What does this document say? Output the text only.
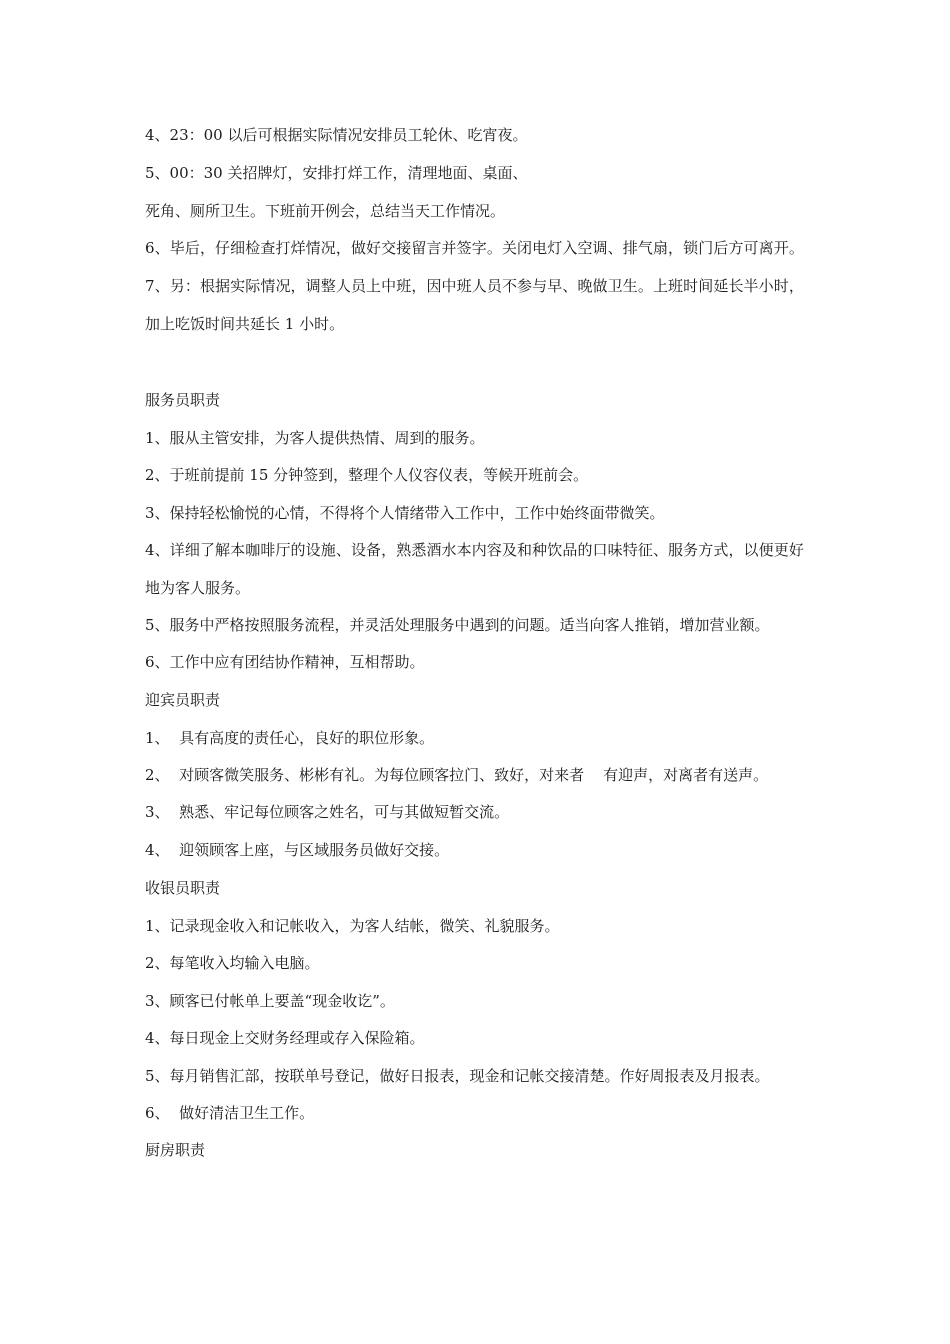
4、23：00 以后可根据实际情况安排员工轮休、吃宵夜。
5、00：30 关招牌灯，安排打烊工作，清理地面、桌面、
死角、厕所卫生。下班前开例会，总结当天工作情况。
6、毕后，仔细检查打烊情况，做好交接留言并签字。关闭电灯入空调、排气扇，锁门后方可离开。
7、另：根据实际情况，调整人员上中班，因中班人员不参与早、晚做卫生。上班时间延长半小时，
加上吃饭时间共延长 1 小时。
服务员职责
1、服从主管安排，为客人提供热情、周到的服务。
2、于班前提前 15 分钟签到，整理个人仪容仪表，等候开班前会。
3、保持轻松愉悦的心情，不得将个人情绪带入工作中，工作中始终面带微笑。
4、详细了解本咖啡厅的设施、设备，熟悉酒水本内容及和种饮品的口味特征、服务方式，以便更好
地为客人服务。
5、服务中严格按照服务流程，并灵活处理服务中遇到的问题。适当向客人推销，增加营业额。
6、工作中应有团结协作精神，互相帮助。
迎宾员职责
1、  具有高度的责任心，良好的职位形象。
2、  对顾客微笑服务、彬彬有礼。为每位顾客拉门、致好，对来者    有迎声，对离者有送声。
3、  熟悉、牢记每位顾客之姓名，可与其做短暂交流。
4、  迎领顾客上座，与区域服务员做好交接。
收银员职责
1、记录现金收入和记帐收入，为客人结帐，微笑、礼貌服务。
2、每笔收入均输入电脑。
3、顾客已付帐单上要盖“现金收讫”。
4、每日现金上交财务经理或存入保险箱。
5、每月销售汇部，按联单号登记，做好日报表，现金和记帐交接清楚。作好周报表及月报表。
6、  做好清洁卫生工作。
厨房职责
